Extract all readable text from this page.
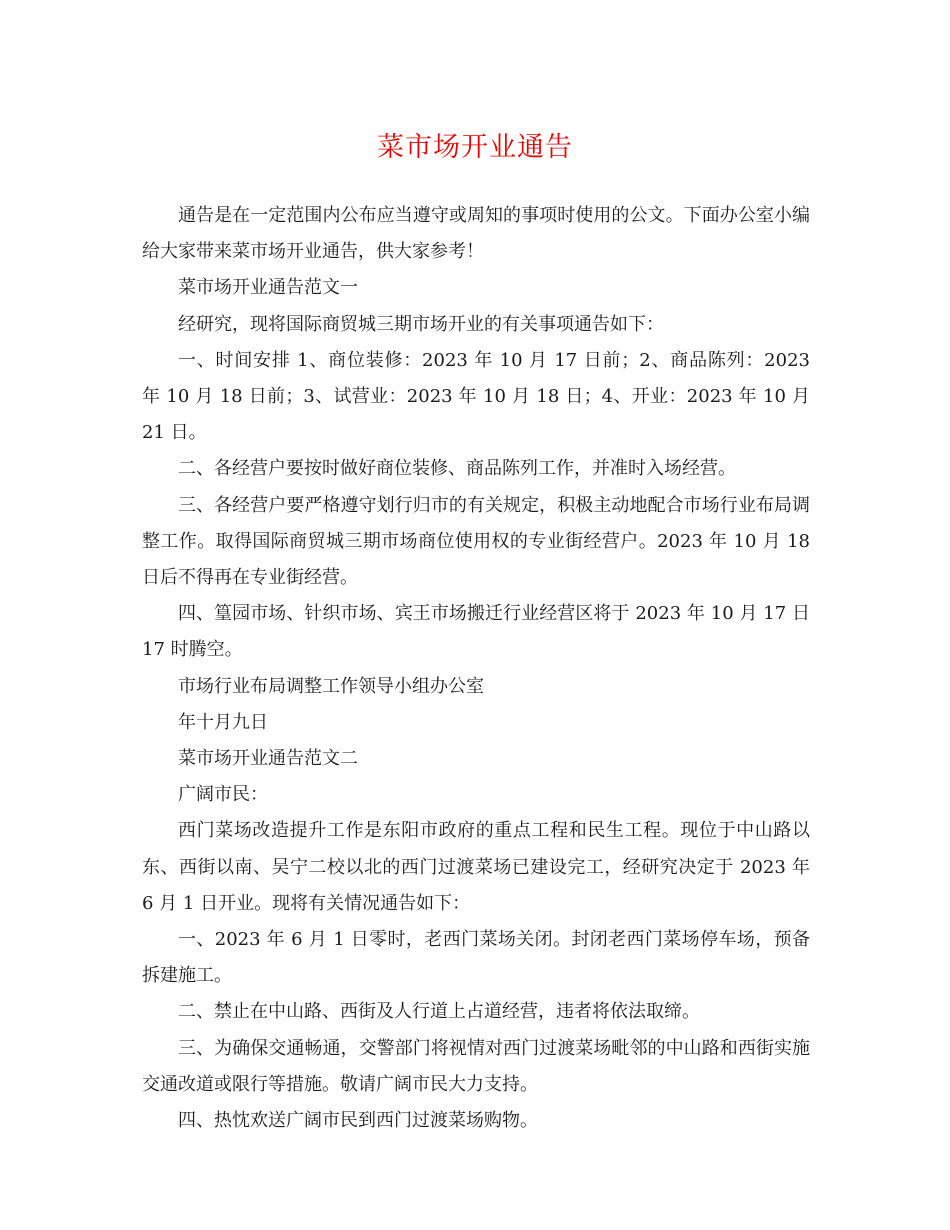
菜市场开业通告

通告是在一定范围内公布应当遵守或周知的事项时使用的公文。下面办公室小编给大家带来菜市场开业通告，供大家参考！

菜市场开业通告范文一

经研究，现将国际商贸城三期市场开业的有关事项通告如下：

一、时间安排 1、商位装修：2023 年 10 月 17 日前；2、商品陈列：2023 年 10 月 18 日前；3、试营业：2023 年 10 月 18 日；4、开业：2023 年 10 月 21 日。

二、各经营户要按时做好商位装修、商品陈列工作，并准时入场经营。

三、各经营户要严格遵守划行归市的有关规定，积极主动地配合市场行业布局调整工作。取得国际商贸城三期市场商位使用权的专业街经营户。2023 年 10 月 18 日后不得再在专业街经营。

四、篁园市场、针织市场、宾王市场搬迁行业经营区将于 2023 年 10 月 17 日 17 时腾空。

市场行业布局调整工作领导小组办公室

年十月九日

菜市场开业通告范文二

广阔市民：

西门菜场改造提升工作是东阳市政府的重点工程和民生工程。现位于中山路以东、西街以南、吴宁二校以北的西门过渡菜场已建设完工，经研究决定于 2023 年 6 月 1 日开业。现将有关情况通告如下：

一、2023 年 6 月 1 日零时，老西门菜场关闭。封闭老西门菜场停车场，预备拆建施工。

二、禁止在中山路、西街及人行道上占道经营，违者将依法取缔。

三、为确保交通畅通，交警部门将视情对西门过渡菜场毗邻的中山路和西街实施交通改道或限行等措施。敬请广阔市民大力支持。

四、热忱欢送广阔市民到西门过渡菜场购物。
